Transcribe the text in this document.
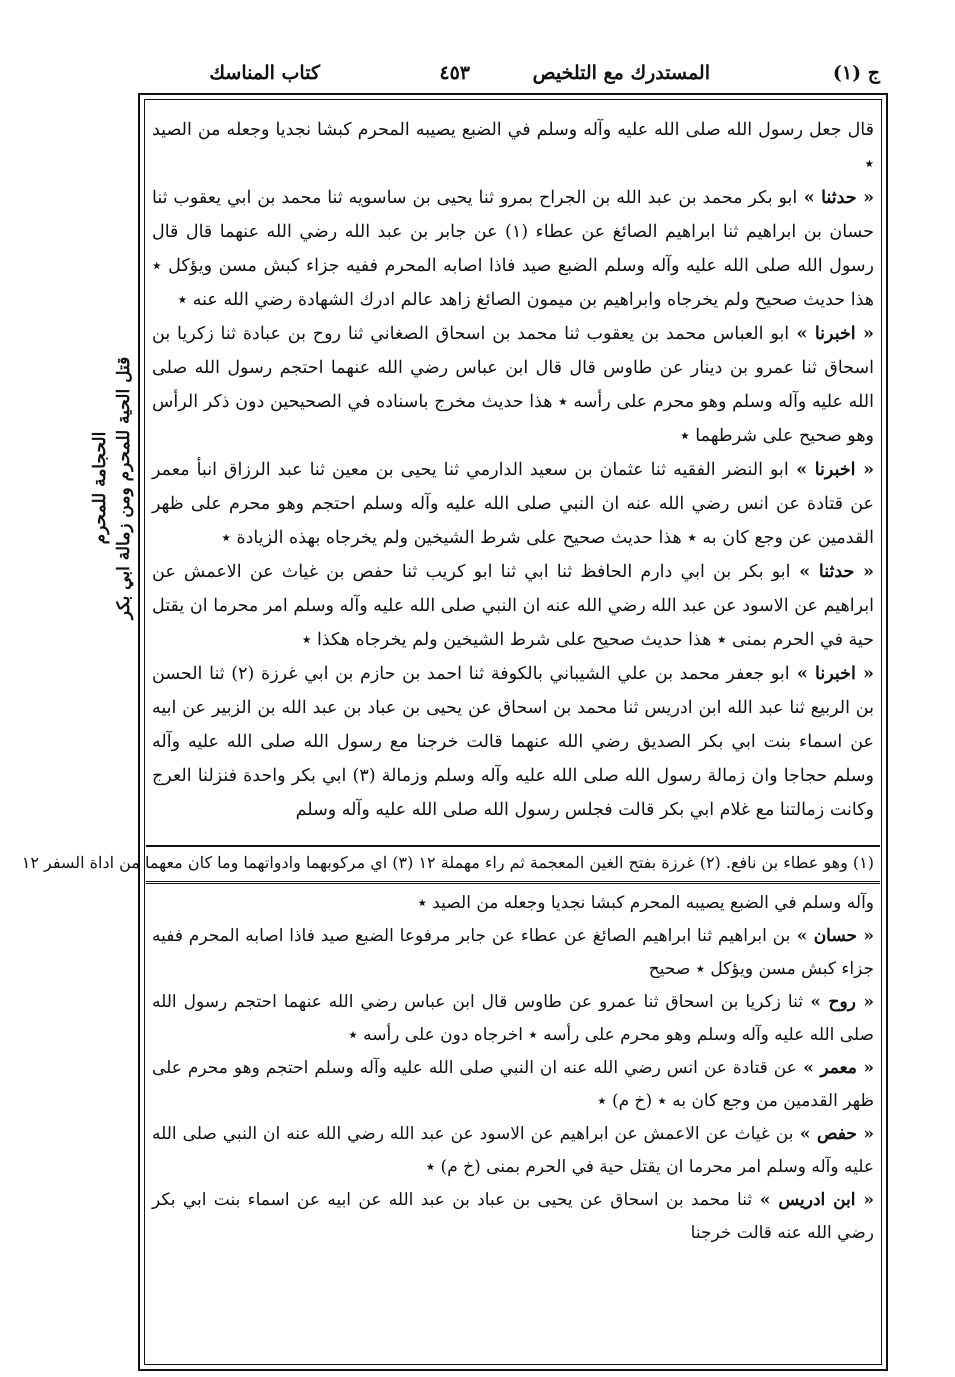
ج (١)
المستدرك مع التلخيص
٤٥٣
كتاب المناسك
الحجامة للمحرم قتل الحية للمحرم ومن زمالة ابي بكر

قال جعل رسول الله صلى الله عليه وآله وسلم في الضبع يصيبه المحرم كبشا نجديا وجعله من الصيد ٭

« حدثنا » ابو بكر محمد بن عبد الله بن الجراح بمرو ثنا يحيى بن ساسويه ثنا محمد بن ابي يعقوب ثنا حسان بن ابراهيم ثنا ابراهيم الصائغ عن عطاء (١) عن جابر بن عبد الله رضي الله عنهما قال قال رسول الله صلى الله عليه وآله وسلم الضبع صيد فاذا اصابه المحرم ففيه جزاء كبش مسن ويؤكل ٭ هذا حديث صحيح ولم يخرجاه وابراهيم بن ميمون الصائغ زاهد عالم ادرك الشهادة رضي الله عنه ٭

« اخبرنا » ابو العباس محمد بن يعقوب ثنا محمد بن اسحاق الصغاني ثنا روح بن عبادة ثنا زكريا بن اسحاق ثنا عمرو بن دينار عن طاوس قال قال ابن عباس رضي الله عنهما احتجم رسول الله صلى الله عليه وآله وسلم وهو محرم على رأسه ٭ هذا حديث مخرج باسناده في الصحيحين دون ذكر الرأس وهو صحيح على شرطهما ٭

« اخبرنا » ابو النضر الفقيه ثنا عثمان بن سعيد الدارمي ثنا يحيى بن معين ثنا عبد الرزاق انبأ معمر عن قتادة عن انس رضي الله عنه ان النبي صلى الله عليه وآله وسلم احتجم وهو محرم على ظهر القدمين عن وجع كان به ٭ هذا حديث صحيح على شرط الشيخين ولم يخرجاه بهذه الزيادة ٭

« حدثنا » ابو بكر بن ابي دارم الحافظ ثنا ابي ثنا ابو كريب ثنا حفص بن غياث عن الاعمش عن ابراهيم عن الاسود عن عبد الله رضي الله عنه ان النبي صلى الله عليه وآله وسلم امر محرما ان يقتل حية في الحرم بمنى ٭ هذا حديث صحيح على شرط الشيخين ولم يخرجاه هكذا ٭

« اخبرنا » ابو جعفر محمد بن علي الشيباني بالكوفة ثنا احمد بن حازم بن ابي غرزة (٢) ثنا الحسن بن الربيع ثنا عبد الله ابن ادريس ثنا محمد بن اسحاق عن يحيى بن عباد بن عبد الله بن الزبير عن ابيه عن اسماء بنت ابي بكر الصديق رضي الله عنهما قالت خرجنا مع رسول الله صلى الله عليه وآله وسلم حجاجا وان زمالة رسول الله صلى الله عليه وآله وسلم وزمالة (٣) ابي بكر واحدة فنزلنا العرج وكانت زمالتنا مع غلام ابي بكر قالت فجلس رسول الله صلى الله عليه وآله وسلم

(١) وهو عطاء بن نافع. (٢) غرزة بفتح الغين المعجمة ثم راء مهملة ١٢ (٣) اي مركوبهما وادواتهما وما كان معهما من اداة السفر ١٢

وآله وسلم في الضبع يصيبه المحرم كبشا نجديا وجعله من الصيد ٭

« حسان » بن ابراهيم ثنا ابراهيم الصائغ عن عطاء عن جابر مرفوعا الضبع صيد فاذا اصابه المحرم ففيه جزاء كبش مسن ويؤكل ٭ صحيح

« روح » ثنا زكريا بن اسحاق ثنا عمرو عن طاوس قال ابن عباس رضي الله عنهما احتجم رسول الله صلى الله عليه وآله وسلم وهو محرم على رأسه ٭ اخرجاه دون على رأسه ٭

« معمر » عن قتادة عن انس رضي الله عنه ان النبي صلى الله عليه وآله وسلم احتجم وهو محرم على ظهر القدمين من وجع كان به ٭ (خ م) ٭

« حفص » بن غياث عن الاعمش عن ابراهيم عن الاسود عن عبد الله رضي الله عنه ان النبي صلى الله عليه وآله وسلم امر محرما ان يقتل حية في الحرم بمنى (خ م) ٭

« ابن ادريس » ثنا محمد بن اسحاق عن يحيى بن عباد بن عبد الله عن ابيه عن اسماء بنت ابي بكر رضي الله عنه قالت خرجنا
